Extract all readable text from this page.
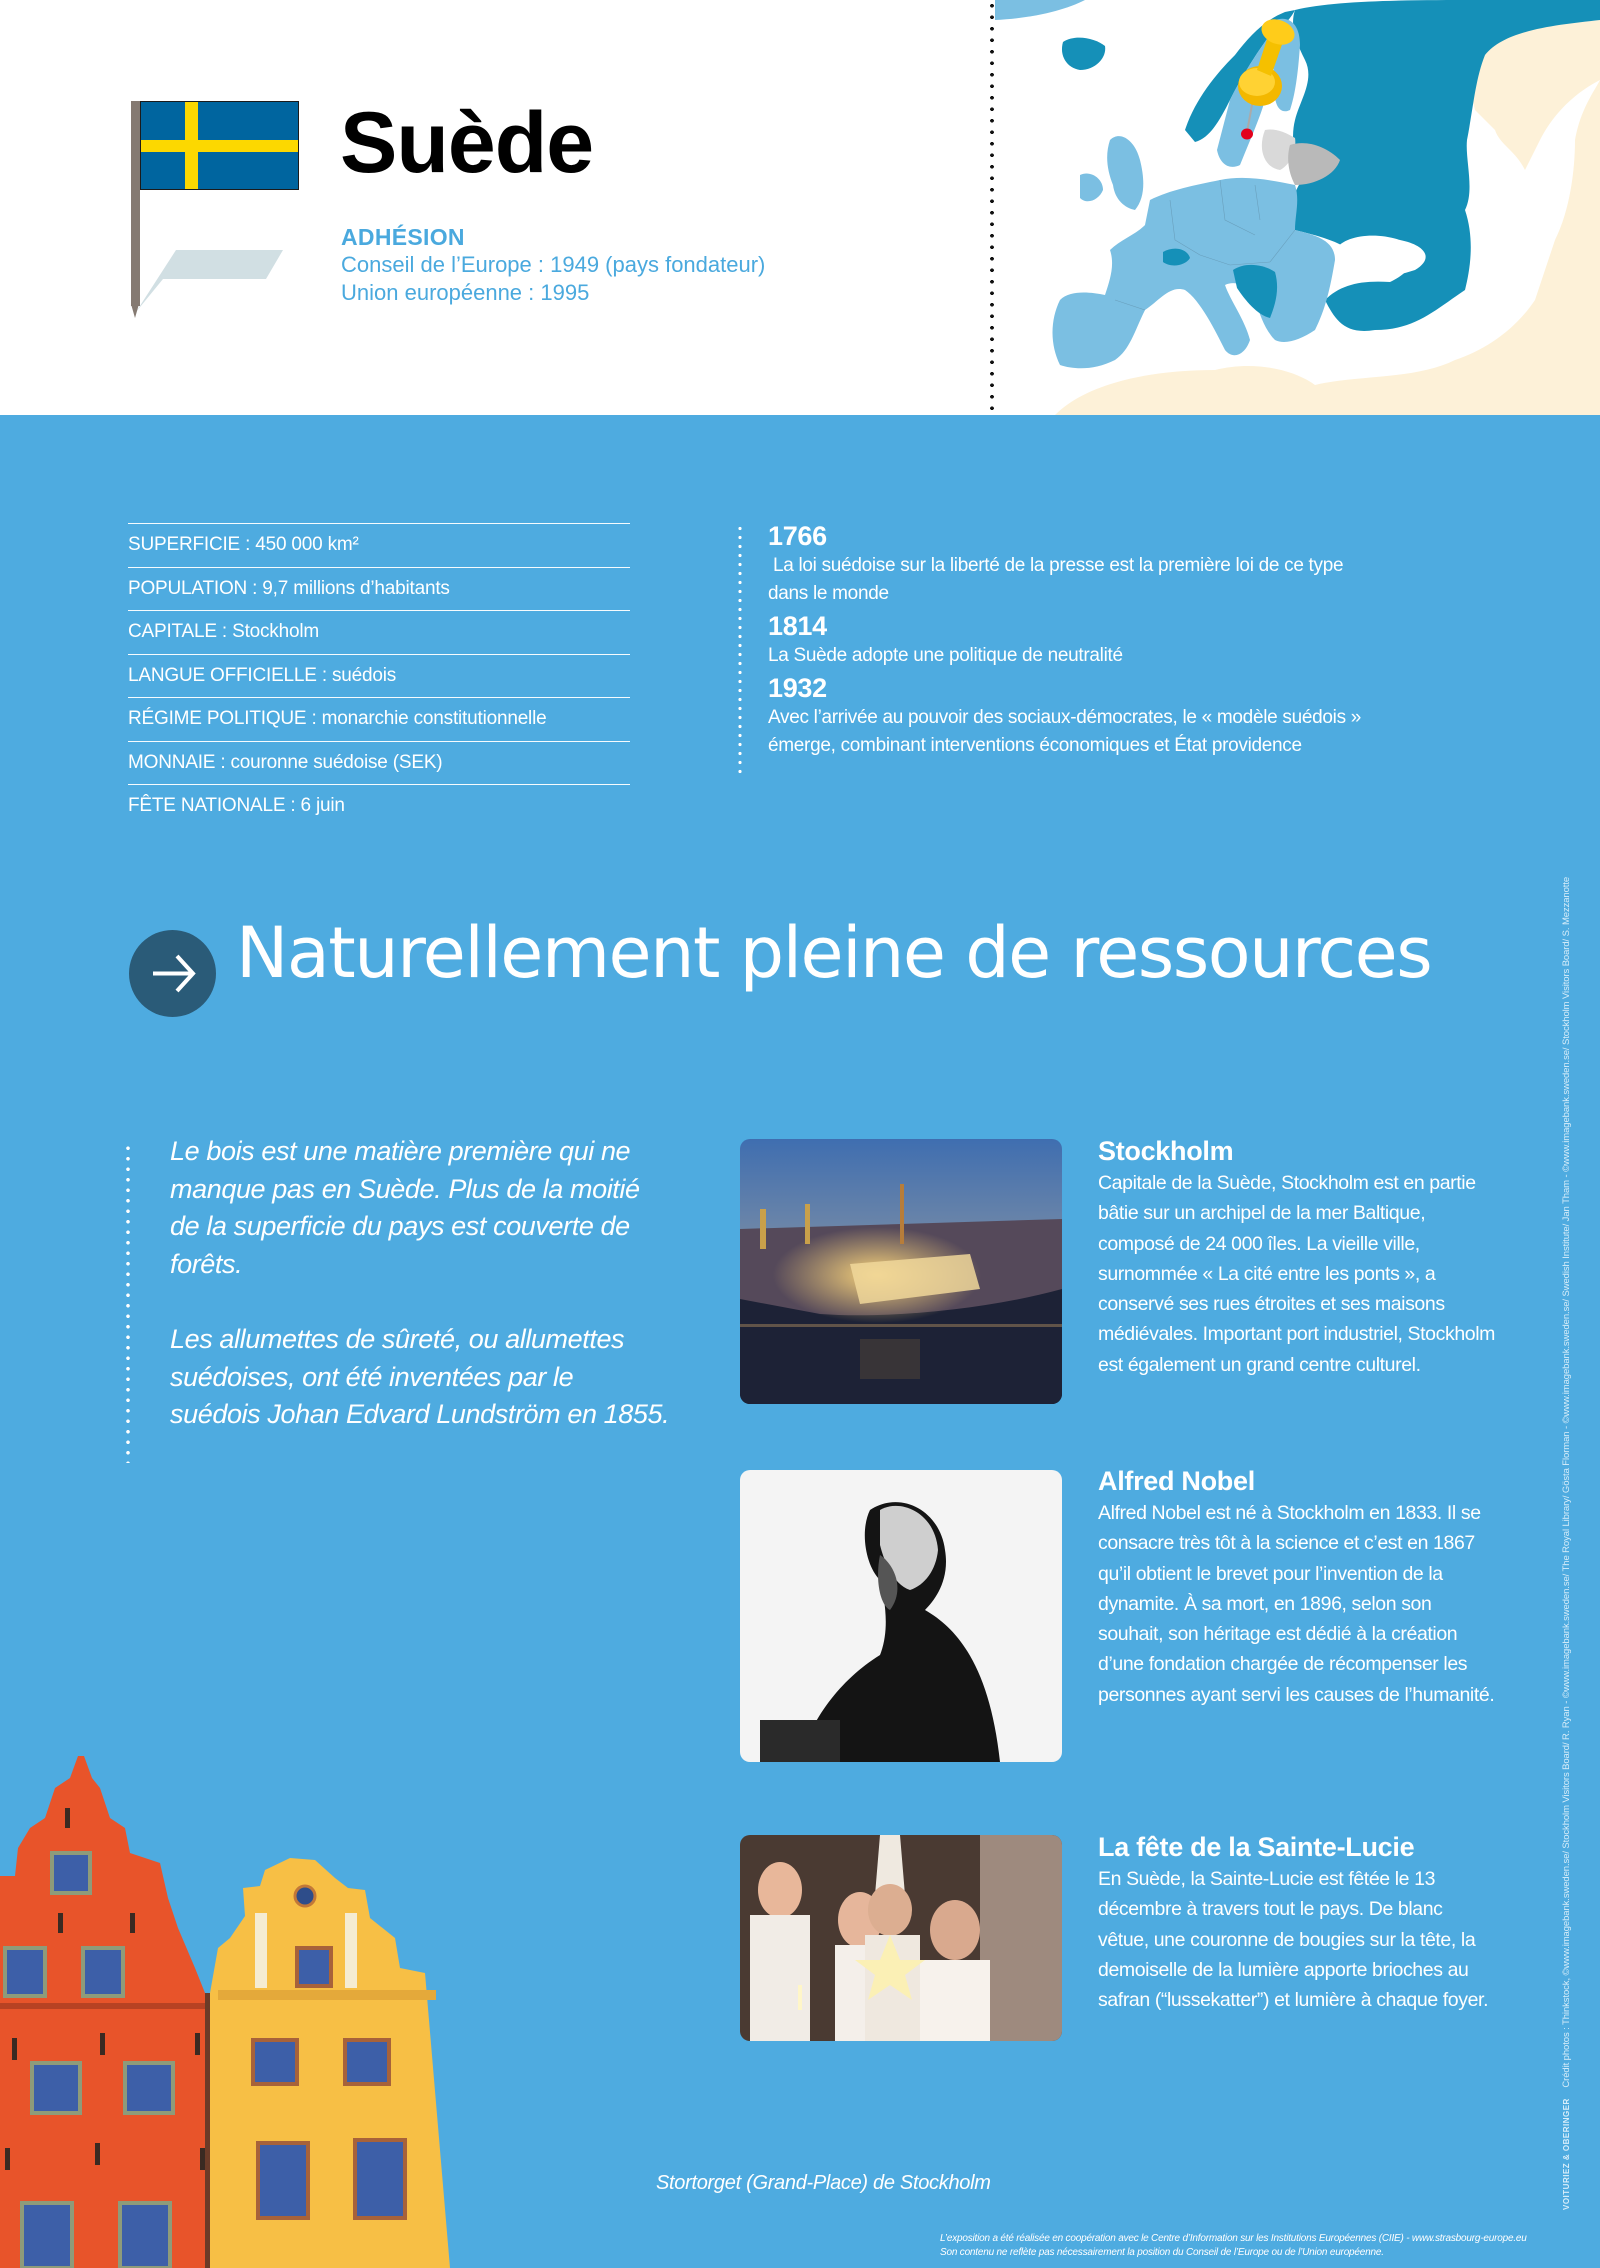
Suède
ADHÉSION
Conseil de l’Europe : 1949 (pays fondateur)
Union européenne : 1995
SUPERFICIE : 450 000 km²
POPULATION : 9,7 millions d’habitants
CAPITALE : Stockholm
LANGUE OFFICIELLE : suédois
RÉGIME POLITIQUE : monarchie constitutionnelle
MONNAIE : couronne suédoise (SEK)
FÊTE NATIONALE : 6 juin
1766
La loi suédoise sur la liberté de la presse est la première loi de ce type dans le monde
1814
La Suède adopte une politique de neutralité
1932
Avec l’arrivée au pouvoir des sociaux-démocrates, le « modèle suédois » émerge, combinant interventions économiques et État providence
Naturellement pleine de ressources

Le bois est une matière première qui ne manque pas en Suède. Plus de la moitié de la superficie du pays est couverte de forêts.

Les allumettes de sûreté, ou allumettes suédoises, ont été inventées par le suédois Johan Edvard Lundström en 1855.

Stockholm
Capitale de la Suède, Stockholm est en partie bâtie sur un archipel de la mer Baltique, composé de 24 000 îles. La vieille ville, surnommée « La cité entre les ponts », a conservé ses rues étroites et ses maisons médiévales. Important port industriel, Stockholm est également un grand centre culturel.
Alfred Nobel
Alfred Nobel est né à Stockholm en 1833. Il se consacre très tôt à la science et c’est en 1867 qu’il obtient le brevet pour l’invention de la dynamite. À sa mort, en 1896, selon son souhait, son héritage est dédié à la création d’une fondation chargée de récompenser les personnes ayant servi les causes de l’humanité.
La fête de la Sainte-Lucie
En Suède, la Sainte-Lucie est fêtée le 13 décembre à travers tout le pays. De blanc vêtue, une couronne de bougies sur la tête, la demoiselle de la lumière apporte brioches au safran (“lussekatter”) et lumière à chaque foyer.
Stortorget (Grand-Place) de Stockholm
L’exposition a été réalisée en coopération avec le Centre d’Information sur les Institutions Européennes (CIIE) - www.strasbourg-europe.eu
Son contenu ne reflète pas nécessairement la position du Conseil de l’Europe ou de l’Union européenne.
VOITURIEZ & OBERINGER Crédit photos : Thinkstock, ©www.imagebank.sweden.se/ Stockholm Visitors Board/ R. Ryan - ©www.imagebank.sweden.se/ The Royal Library/ Gösta Florman - ©www.imagebank.sweden.se/ Swedish Institute/ Jan Tham - ©www.imagebank.sweden.se/ Stockholm Visitors Board/ S. Mezzanotte
